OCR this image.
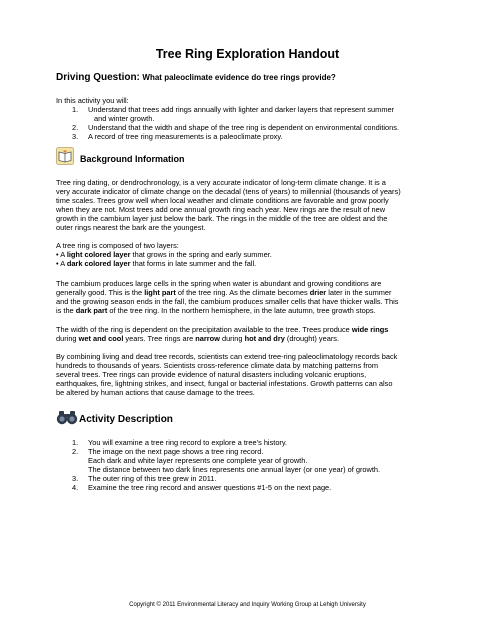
Tree Ring Exploration Handout
Driving Question: What paleoclimate evidence do tree rings provide?
In this activity you will:
1.	Understand that trees add rings annually with lighter and darker layers that represent summer
and winter growth.
2.	Understand that the width and shape of the tree ring is dependent on environmental conditions.
3.	A record of tree ring measurements is a paleoclimate proxy.
Background Information
Tree ring dating, or dendrochronology, is a very accurate indicator of long-term climate change. It is a
very accurate indicator of climate change on the decadal (tens of years) to millennial (thousands of years)
time scales. Trees grow well when local weather and climate conditions are favorable and grow poorly
when they are not. Most trees add one annual growth ring each year. New rings are the result of new
growth in the cambium layer just below the bark. The rings in the middle of the tree are oldest and the
outer rings nearest the bark are the youngest.
A tree ring is composed of two layers:
• A light colored layer that grows in the spring and early summer.
• A dark colored layer that forms in late summer and the fall.
The cambium produces large cells in the spring when water is abundant and growing conditions are
generally good. This is the light part of the tree ring. As the climate becomes drier later in the summer
and the growing season ends in the fall, the cambium produces smaller cells that have thicker walls. This
is the dark part of the tree ring. In the northern hemisphere, in the late autumn, tree growth stops.
The width of the ring is dependent on the precipitation available to the tree. Trees produce wide rings
during wet and cool years. Tree rings are narrow during hot and dry (drought) years.
By combining living and dead tree records, scientists can extend tree-ring paleoclimatology records back
hundreds to thousands of years. Scientists cross-reference climate data by matching patterns from
several trees. Tree rings can provide evidence of natural disasters including volcanic eruptions,
earthquakes, fire, lightning strikes, and insect, fungal or bacterial infestations. Growth patterns can also
be altered by human actions that cause damage to the trees.
Activity Description
1.	You will examine a tree ring record to explore a tree’s history.
2.	The image on the next page shows a tree ring record.
Each dark and white layer represents one complete year of growth.
The distance between two dark lines represents one annual layer (or one year) of growth.
3.	The outer ring of this tree grew in 2011.
4.	Examine the tree ring record and answer questions #1-5 on the next page.
Copyright © 2011 Environmental Literacy and Inquiry Working Group at Lehigh University
